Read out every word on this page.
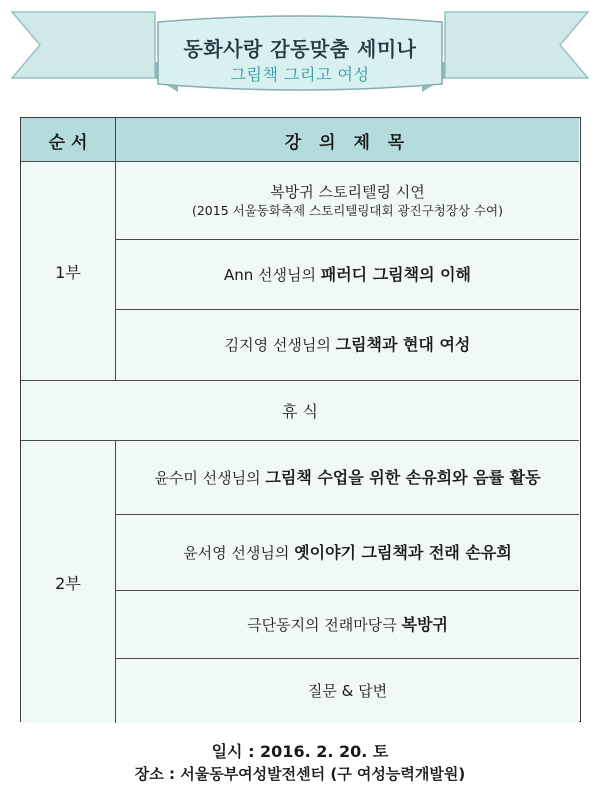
동화사랑 감동맞춤 세미나
그림책 그리고 여성
순 서	강 의 제 목
1부
복방귀 스토리텔링 시연
(2015 서울동화축제 스토리텔링대회 광진구청장상 수여)
Ann 선생님의 패러디 그림책의 이해
김지영 선생님의 그림책과 현대 여성
휴 식
2부
윤수미 선생님의 그림책 수업을 위한 손유희와 음률 활동
윤서영 선생님의 옛이야기 그림책과 전래 손유희
극단동지의 전래마당극 복방귀
질문 & 답변
일시 : 2016. 2. 20. 토
장소 : 서울동부여성발전센터 (구 여성능력개발원)
